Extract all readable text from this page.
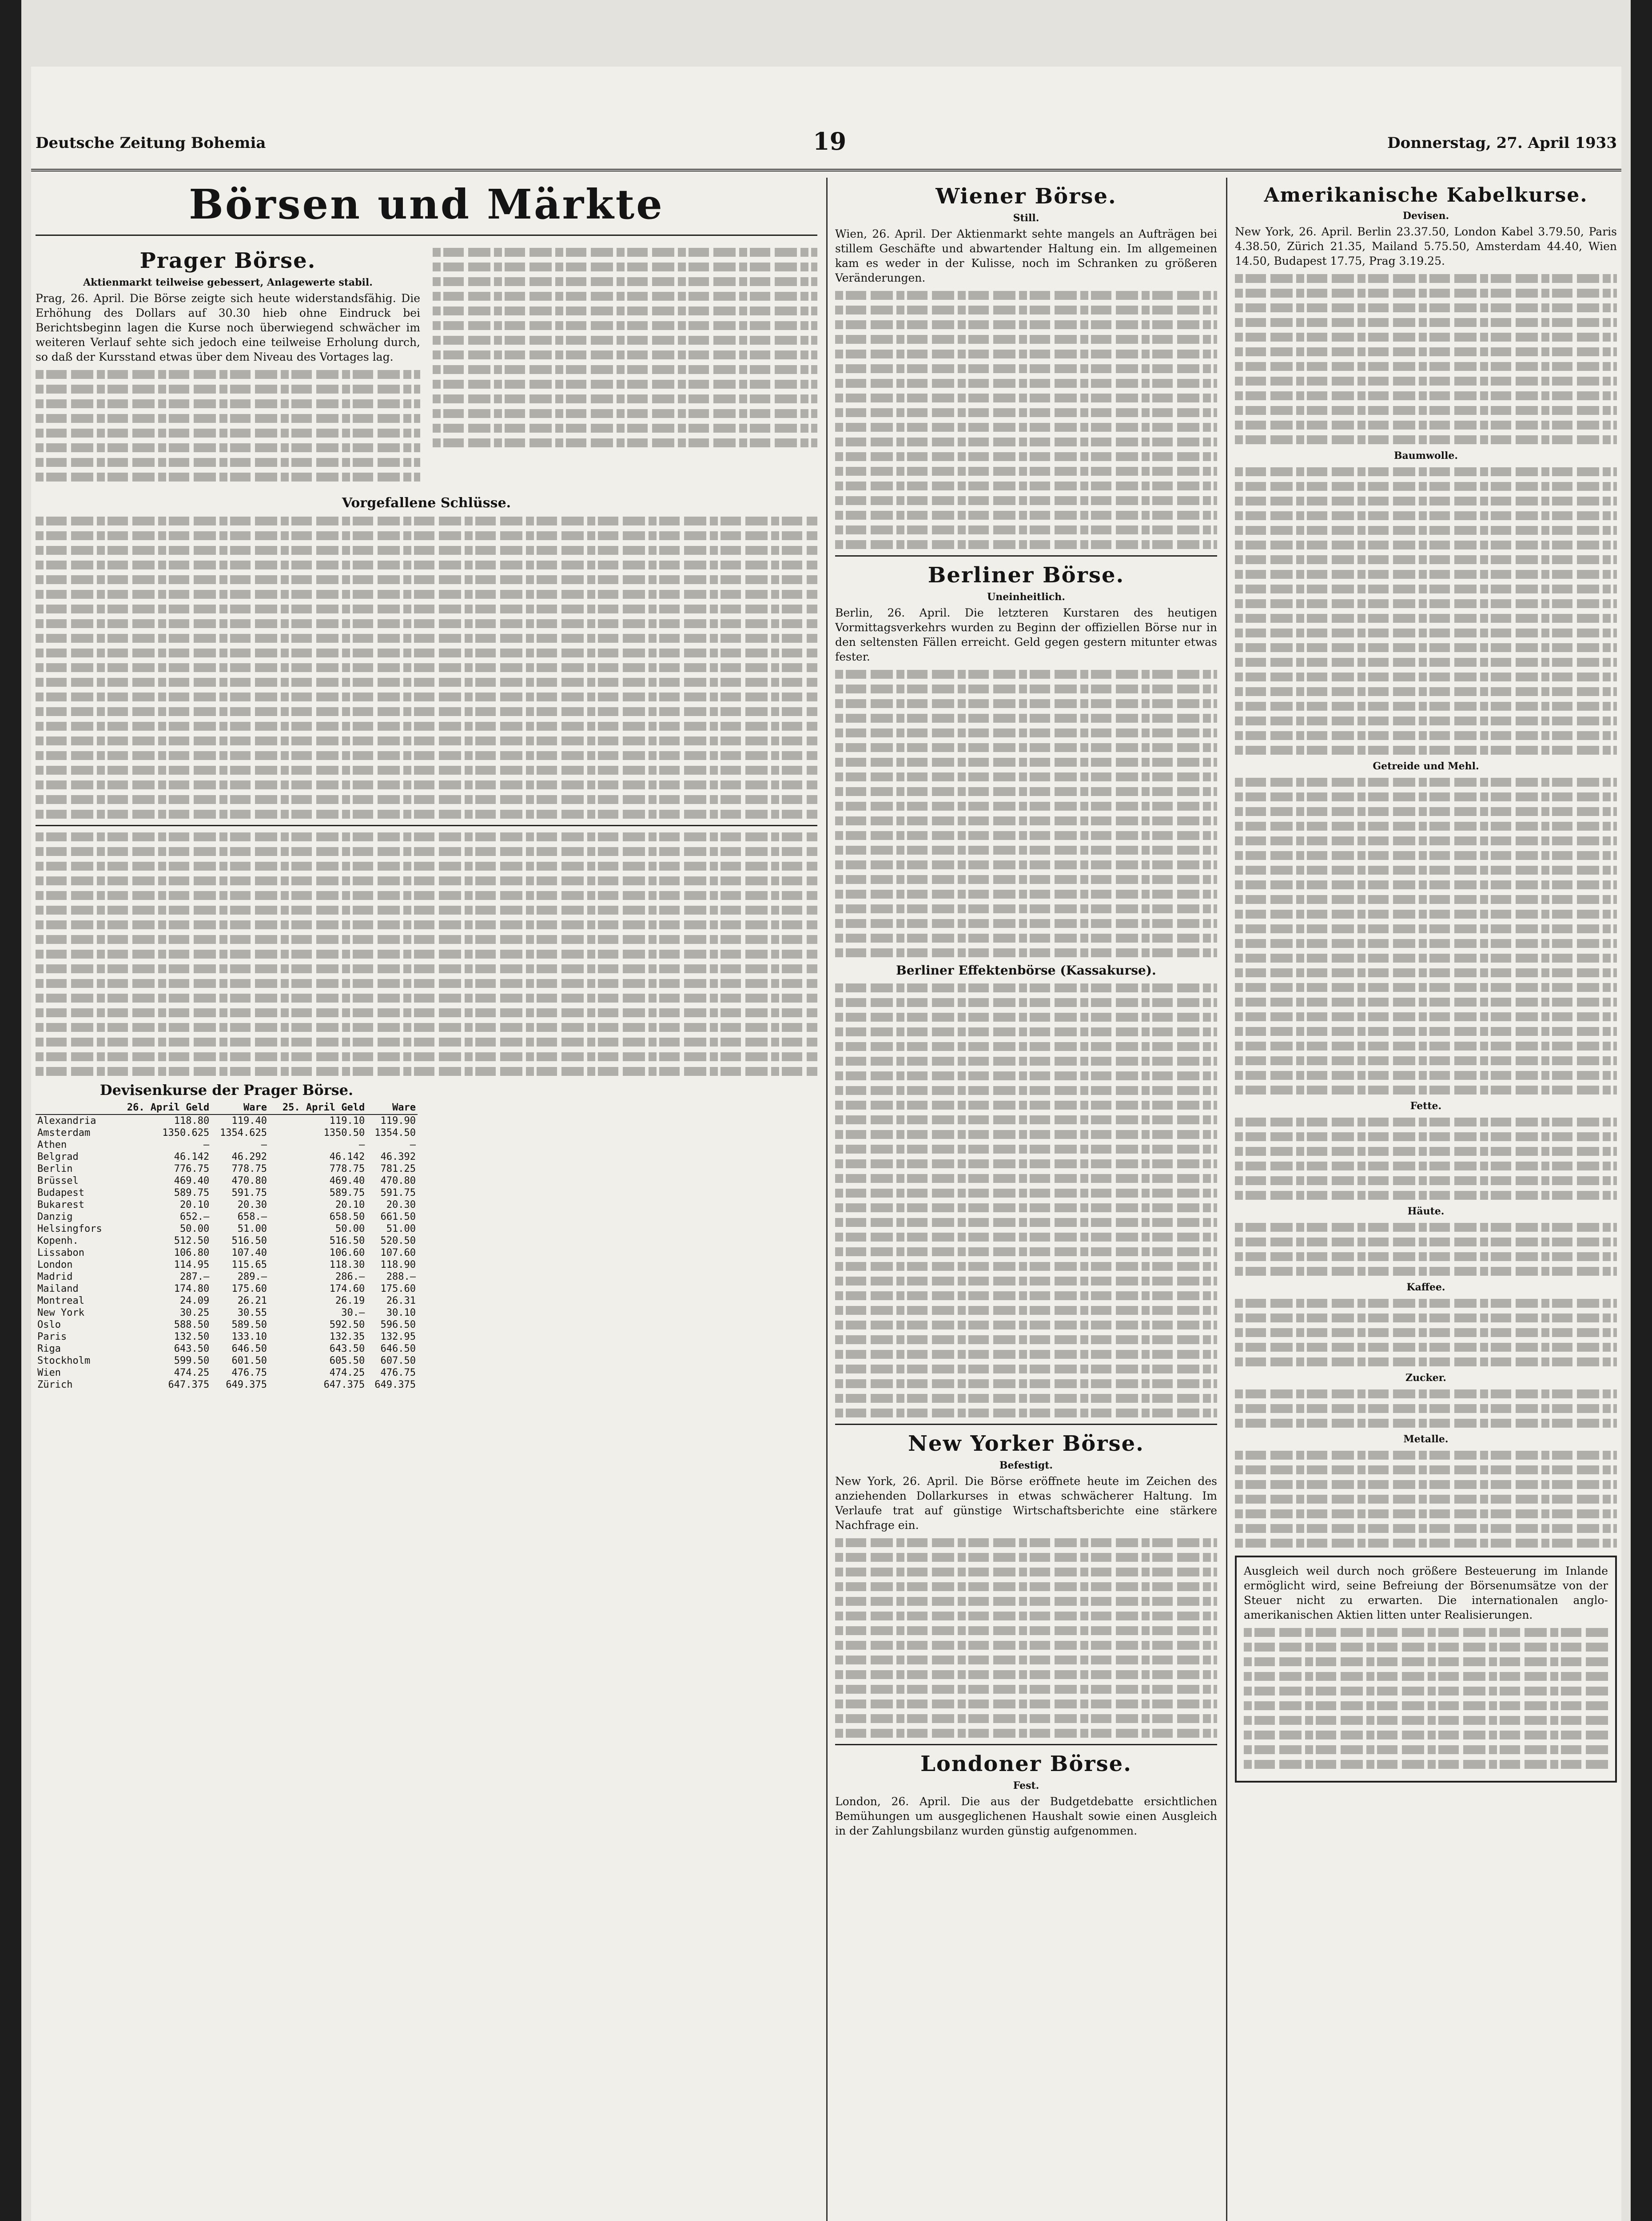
Deutsche Zeitung Bohemia	19	Donnerstag, 27. April 1933
Börsen und Märkte
Prager Börse.
Aktienmarkt teilweise gebessert, Anlagewerte stabil.

Prag, 26. April. Die Börse zeigte sich heute widerstandsfähig. Die Erhöhung des Dollars auf 30.30 hieb ohne Eindruck bei Berichtsbeginn lagen die Kurse noch überwiegend schwächer im weiteren Verlauf sehte sich jedoch eine teilweise Erholung durch, so daß der Kursstand etwas über dem Niveau des Vortages lag.

Vorgefallene Schlüsse.
Devisenkurse der Prager Börse.
	26. April Geld	Ware	25. April Geld	Ware
Alexandria	118.80	119.40	119.10	119.90
Amsterdam	1350.625	1354.625	1350.50	1354.50
Athen	—	—	—	—
Belgrad	46.142	46.292	46.142	46.392
Berlin	776.75	778.75	778.75	781.25
Brüssel	469.40	470.80	469.40	470.80
Budapest	589.75	591.75	589.75	591.75
Bukarest	20.10	20.30	20.10	20.30
Danzig	652.—	658.—	658.50	661.50
Helsingfors	50.00	51.00	50.00	51.00
Kopenh.	512.50	516.50	516.50	520.50
Lissabon	106.80	107.40	106.60	107.60
London	114.95	115.65	118.30	118.90
Madrid	287.—	289.—	286.—	288.—
Mailand	174.80	175.60	174.60	175.60
Montreal	24.09	26.21	26.19	26.31
New York	30.25	30.55	30.—	30.10
Oslo	588.50	589.50	592.50	596.50
Paris	132.50	133.10	132.35	132.95
Riga	643.50	646.50	643.50	646.50
Stockholm	599.50	601.50	605.50	607.50
Wien	474.25	476.75	474.25	476.75
Zürich	647.375	649.375	647.375	649.375
Wiener Börse.
Still.

Wien, 26. April. Der Aktienmarkt sehte mangels an Aufträgen bei stillem Geschäfte und abwartender Haltung ein. Im allgemeinen kam es weder in der Kulisse, noch im Schranken zu größeren Veränderungen.

Berliner Börse.
Uneinheitlich.

Berlin, 26. April. Die letzteren Kurstaren des heutigen Vormittagsverkehrs wurden zu Beginn der offiziellen Börse nur in den seltensten Fällen erreicht. Geld gegen gestern mitunter etwas fester.

Berliner Effektenbörse (Kassakurse).
New Yorker Börse.
Befestigt.

New York, 26. April. Die Börse eröffnete heute im Zeichen des anziehenden Dollarkurses in etwas schwächerer Haltung. Im Verlaufe trat auf günstige Wirtschaftsberichte eine stärkere Nachfrage ein.

Londoner Börse.
Fest.

London, 26. April. Die aus der Budgetdebatte ersichtlichen Bemühungen um ausgeglichenen Haushalt sowie einen Ausgleich in der Zahlungsbilanz wurden günstig aufgenommen.

Amerikanische Kabelkurse.
Devisen.

New York, 26. April. Berlin 23.37.50, London Kabel 3.79.50, Paris 4.38.50, Zürich 21.35, Mailand 5.75.50, Amsterdam 44.40, Wien 14.50, Budapest 17.75, Prag 3.19.25.

Baumwolle.
Getreide und Mehl.
Fette.
Häute.
Kaffee.
Zucker.
Metalle.

Ausgleich weil durch noch größere Besteuerung im Inlande ermöglicht wird, seine Befreiung der Börsenumsätze von der Steuer nicht zu erwarten. Die internationalen anglo-amerikanischen Aktien litten unter Realisierungen.
